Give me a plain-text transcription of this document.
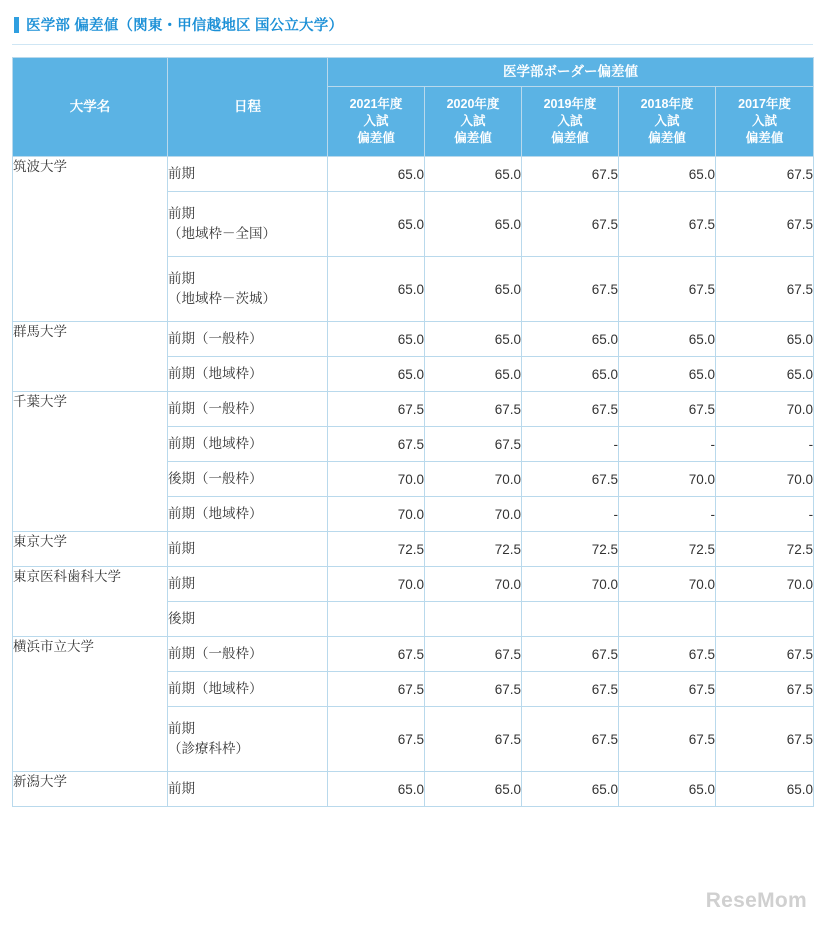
医学部 偏差値（関東・甲信越地区 国公立大学）
大学名	日程	医学部ボーダー偏差値				

		2021年度
入試
偏差値	2020年度
入試
偏差値	2019年度
入試
偏差値	2018年度
入試
偏差値	2017年度
入試
偏差値

筑波大学	前期	65.0	65.0	67.5	65.0	67.5

	前期
（地域枠－全国）	65.0	65.0	67.5	67.5	67.5

	前期
（地域枠－茨城）	65.0	65.0	67.5	67.5	67.5
群馬大学	前期（一般枠）	65.0	65.0	65.0	65.0	65.0

	前期（地域枠）	65.0	65.0	65.0	65.0	65.0
千葉大学	前期（一般枠）	67.5	67.5	67.5	67.5	70.0

	前期（地域枠）	67.5	67.5	-	-	-

	後期（一般枠）	70.0	70.0	67.5	70.0	70.0

	前期（地域枠）	70.0	70.0	-	-	-
東京大学	前期	72.5	72.5	72.5	72.5	72.5
東京医科歯科大学	前期	70.0	70.0	70.0	70.0	70.0

	後期					

横浜市立大学	前期（一般枠）	67.5	67.5	67.5	67.5	67.5

	前期（地域枠）	67.5	67.5	67.5	67.5	67.5

	前期
（診療科枠）	67.5	67.5	67.5	67.5	67.5
新潟大学	前期	65.0	65.0	65.0	65.0	65.0
ReseMom
